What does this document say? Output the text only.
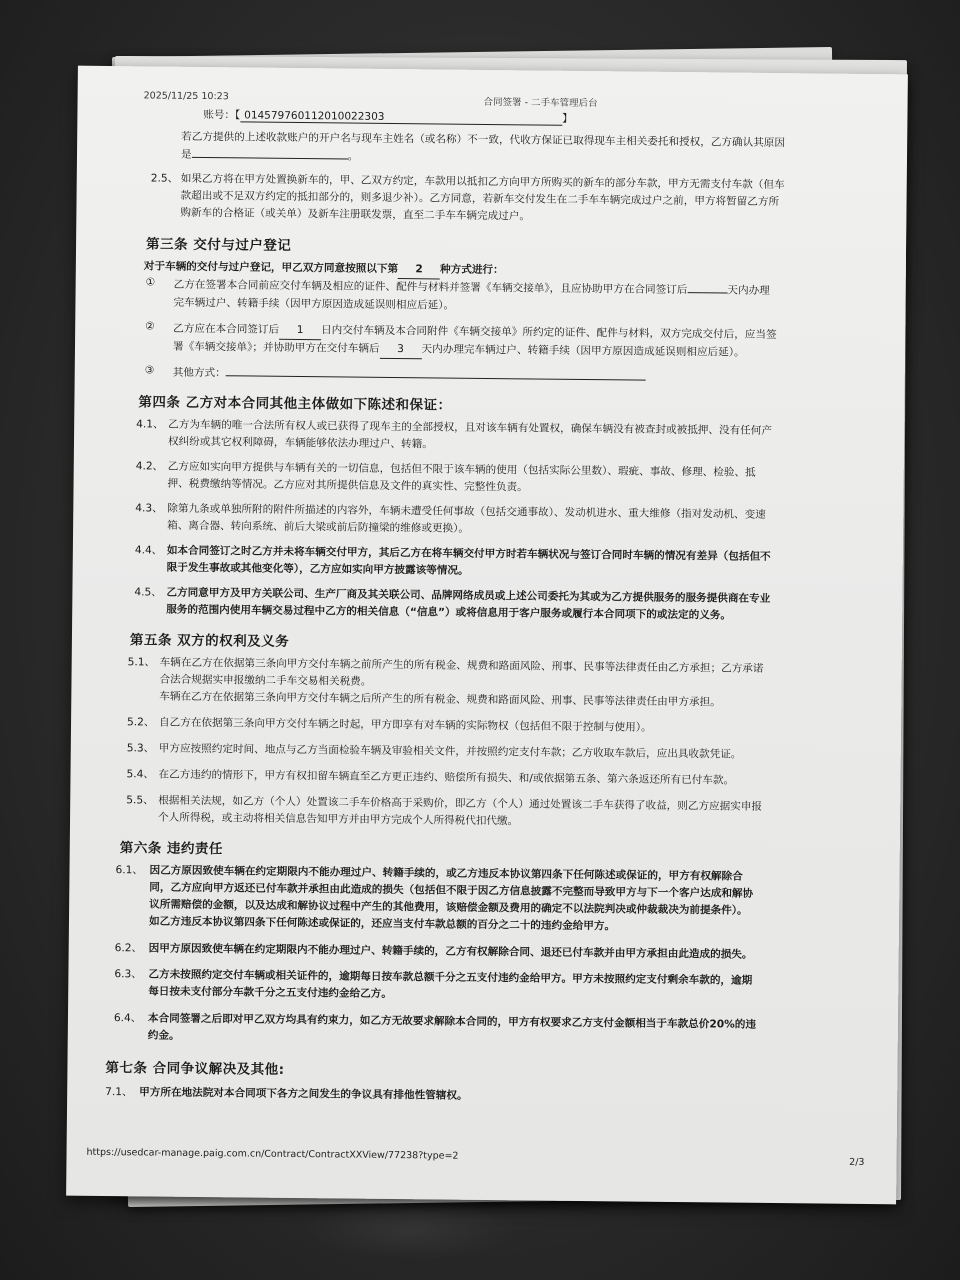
2025/11/25 10:23
合同签署 - 二手车管理后台
账号：【 014579760112010022303	】
若乙方提供的上述收款账户的开户名与现车主姓名（或名称）不一致，代收方保证已取得现车主相关委托和授权，乙方确认其原因
是	。
2.5、 如果乙方将在甲方处置换新车的，甲、乙双方约定，车款用以抵扣乙方向甲方所购买的新车的部分车款，甲方无需支付车款（但车
款超出或不足双方约定的抵扣部分的，则多退少补）。乙方同意，若新车交付发生在二手车车辆完成过户之前，甲方将暂留乙方所
购新车的合格证（或关单）及新车注册联发票，直至二手车车辆完成过户。
第三条 交付与过户登记
对于车辆的交付与过户登记，甲乙双方同意按照以下第 2 种方式进行：
① 乙方在签署本合同前应交付车辆及相应的证件、配件与材料并签署《车辆交接单》，且应协助甲方在合同签订后	天内办理
完车辆过户、转籍手续（因甲方原因造成延误则相应后延）。
② 乙方应在本合同签订后 1 日内交付车辆及本合同附件《车辆交接单》所约定的证件、配件与材料，双方完成交付后，应当签
署《车辆交接单》；并协助甲方在交付车辆后 3 天内办理完车辆过户、转籍手续（因甲方原因造成延误则相应后延）。
③ 其他方式：
第四条 乙方对本合同其他主体做如下陈述和保证：
4.1、 乙方为车辆的唯一合法所有权人或已获得了现车主的全部授权，且对该车辆有处置权，确保车辆没有被查封或被抵押、没有任何产
权纠纷或其它权利障碍，车辆能够依法办理过户、转籍。
4.2、 乙方应如实向甲方提供与车辆有关的一切信息，包括但不限于该车辆的使用（包括实际公里数）、瑕疵、事故、修理、检验、抵
押、税费缴纳等情况。乙方应对其所提供信息及文件的真实性、完整性负责。
4.3、 除第九条或单独所附的附件所描述的内容外，车辆未遭受任何事故（包括交通事故）、发动机进水、重大维修（指对发动机、变速
箱、离合器、转向系统、前后大梁或前后防撞梁的维修或更换）。
4.4、 如本合同签订之时乙方并未将车辆交付甲方，其后乙方在将车辆交付甲方时若车辆状况与签订合同时车辆的情况有差异（包括但不
限于发生事故或其他变化等），乙方应如实向甲方披露该等情况。
4.5、 乙方同意甲方及甲方关联公司、生产厂商及其关联公司、品牌网络成员或上述公司委托为其或为乙方提供服务的服务提供商在专业
服务的范围内使用车辆交易过程中乙方的相关信息（“信息”）或将信息用于客户服务或履行本合同项下的或法定的义务。
第五条 双方的权利及义务
5.1、 车辆在乙方在依据第三条向甲方交付车辆之前所产生的所有税金、规费和路面风险、刑事、民事等法律责任由乙方承担；乙方承诺
合法合规据实申报缴纳二手车交易相关税费。
车辆在乙方在依据第三条向甲方交付车辆之后所产生的所有税金、规费和路面风险、刑事、民事等法律责任由甲方承担。
5.2、 自乙方在依据第三条向甲方交付车辆之时起，甲方即享有对车辆的实际物权（包括但不限于控制与使用）。
5.3、 甲方应按照约定时间、地点与乙方当面检验车辆及审验相关文件，并按照约定支付车款；乙方收取车款后，应出具收款凭证。
5.4、 在乙方违约的情形下，甲方有权扣留车辆直至乙方更正违约、赔偿所有损失、和/或依据第五条、第六条返还所有已付车款。
5.5、 根据相关法规，如乙方（个人）处置该二手车价格高于采购价，即乙方（个人）通过处置该二手车获得了收益，则乙方应据实申报
个人所得税，或主动将相关信息告知甲方并由甲方完成个人所得税代扣代缴。
第六条 违约责任
6.1、 因乙方原因致使车辆在约定期限内不能办理过户、转籍手续的，或乙方违反本协议第四条下任何陈述或保证的，甲方有权解除合
同，乙方应向甲方返还已付车款并承担由此造成的损失（包括但不限于因乙方信息披露不完整而导致甲方与下一个客户达成和解协
议所需赔偿的金额，以及达成和解协议过程中产生的其他费用，该赔偿金额及费用的确定不以法院判决或仲裁裁决为前提条件）。
如乙方违反本协议第四条下任何陈述或保证的，还应当支付车款总额的百分之二十的违约金给甲方。
6.2、 因甲方原因致使车辆在约定期限内不能办理过户、转籍手续的，乙方有权解除合同、退还已付车款并由甲方承担由此造成的损失。
6.3、 乙方未按照约定交付车辆或相关证件的，逾期每日按车款总额千分之五支付违约金给甲方。甲方未按照约定支付剩余车款的，逾期
每日按未支付部分车款千分之五支付违约金给乙方。
6.4、 本合同签署之后即对甲乙双方均具有约束力，如乙方无故要求解除本合同的，甲方有权要求乙方支付金额相当于车款总价20%的违
约金。
第七条 合同争议解决及其他:
7.1、 甲方所在地法院对本合同项下各方之间发生的争议具有排他性管辖权。
https://usedcar-manage.paig.com.cn/Contract/ContractXXView/77238?type=2
2/3
